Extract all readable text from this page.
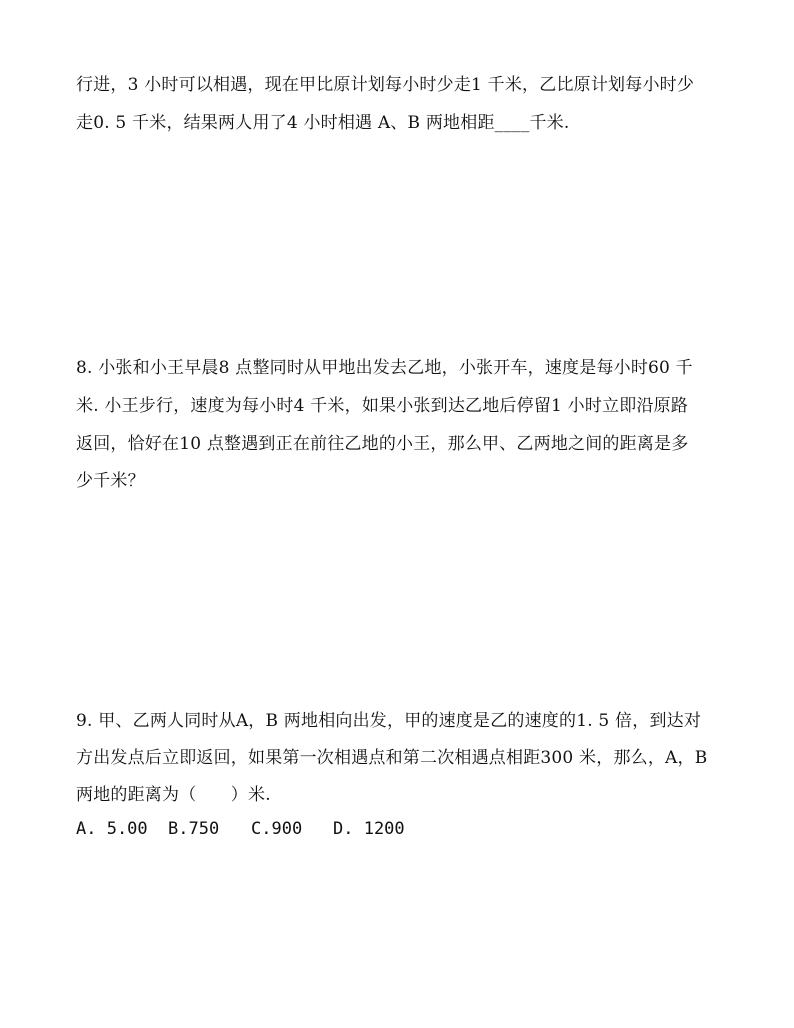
行进，3 小时可以相遇，现在甲比原计划每小时少走1 千米，乙比原计划每小时少
走0. 5 千米，结果两人用了4 小时相遇 A、B 两地相距____千米.
8. 小张和小王早晨8 点整同时从甲地出发去乙地，小张开车，速度是每小时60 千
米. 小王步行，速度为每小时4 千米，如果小张到达乙地后停留1 小时立即沿原路
返回，恰好在10 点整遇到正在前往乙地的小王，那么甲、乙两地之间的距离是多
少千米？
9. 甲、乙两人同时从A，B 两地相向出发，甲的速度是乙的速度的1. 5 倍，到达对
方出发点后立即返回，如果第一次相遇点和第二次相遇点相距300 米，那么，A，B
两地的距离为（　　）米.
A. 5.00 B.750 C.900 D. 1200
